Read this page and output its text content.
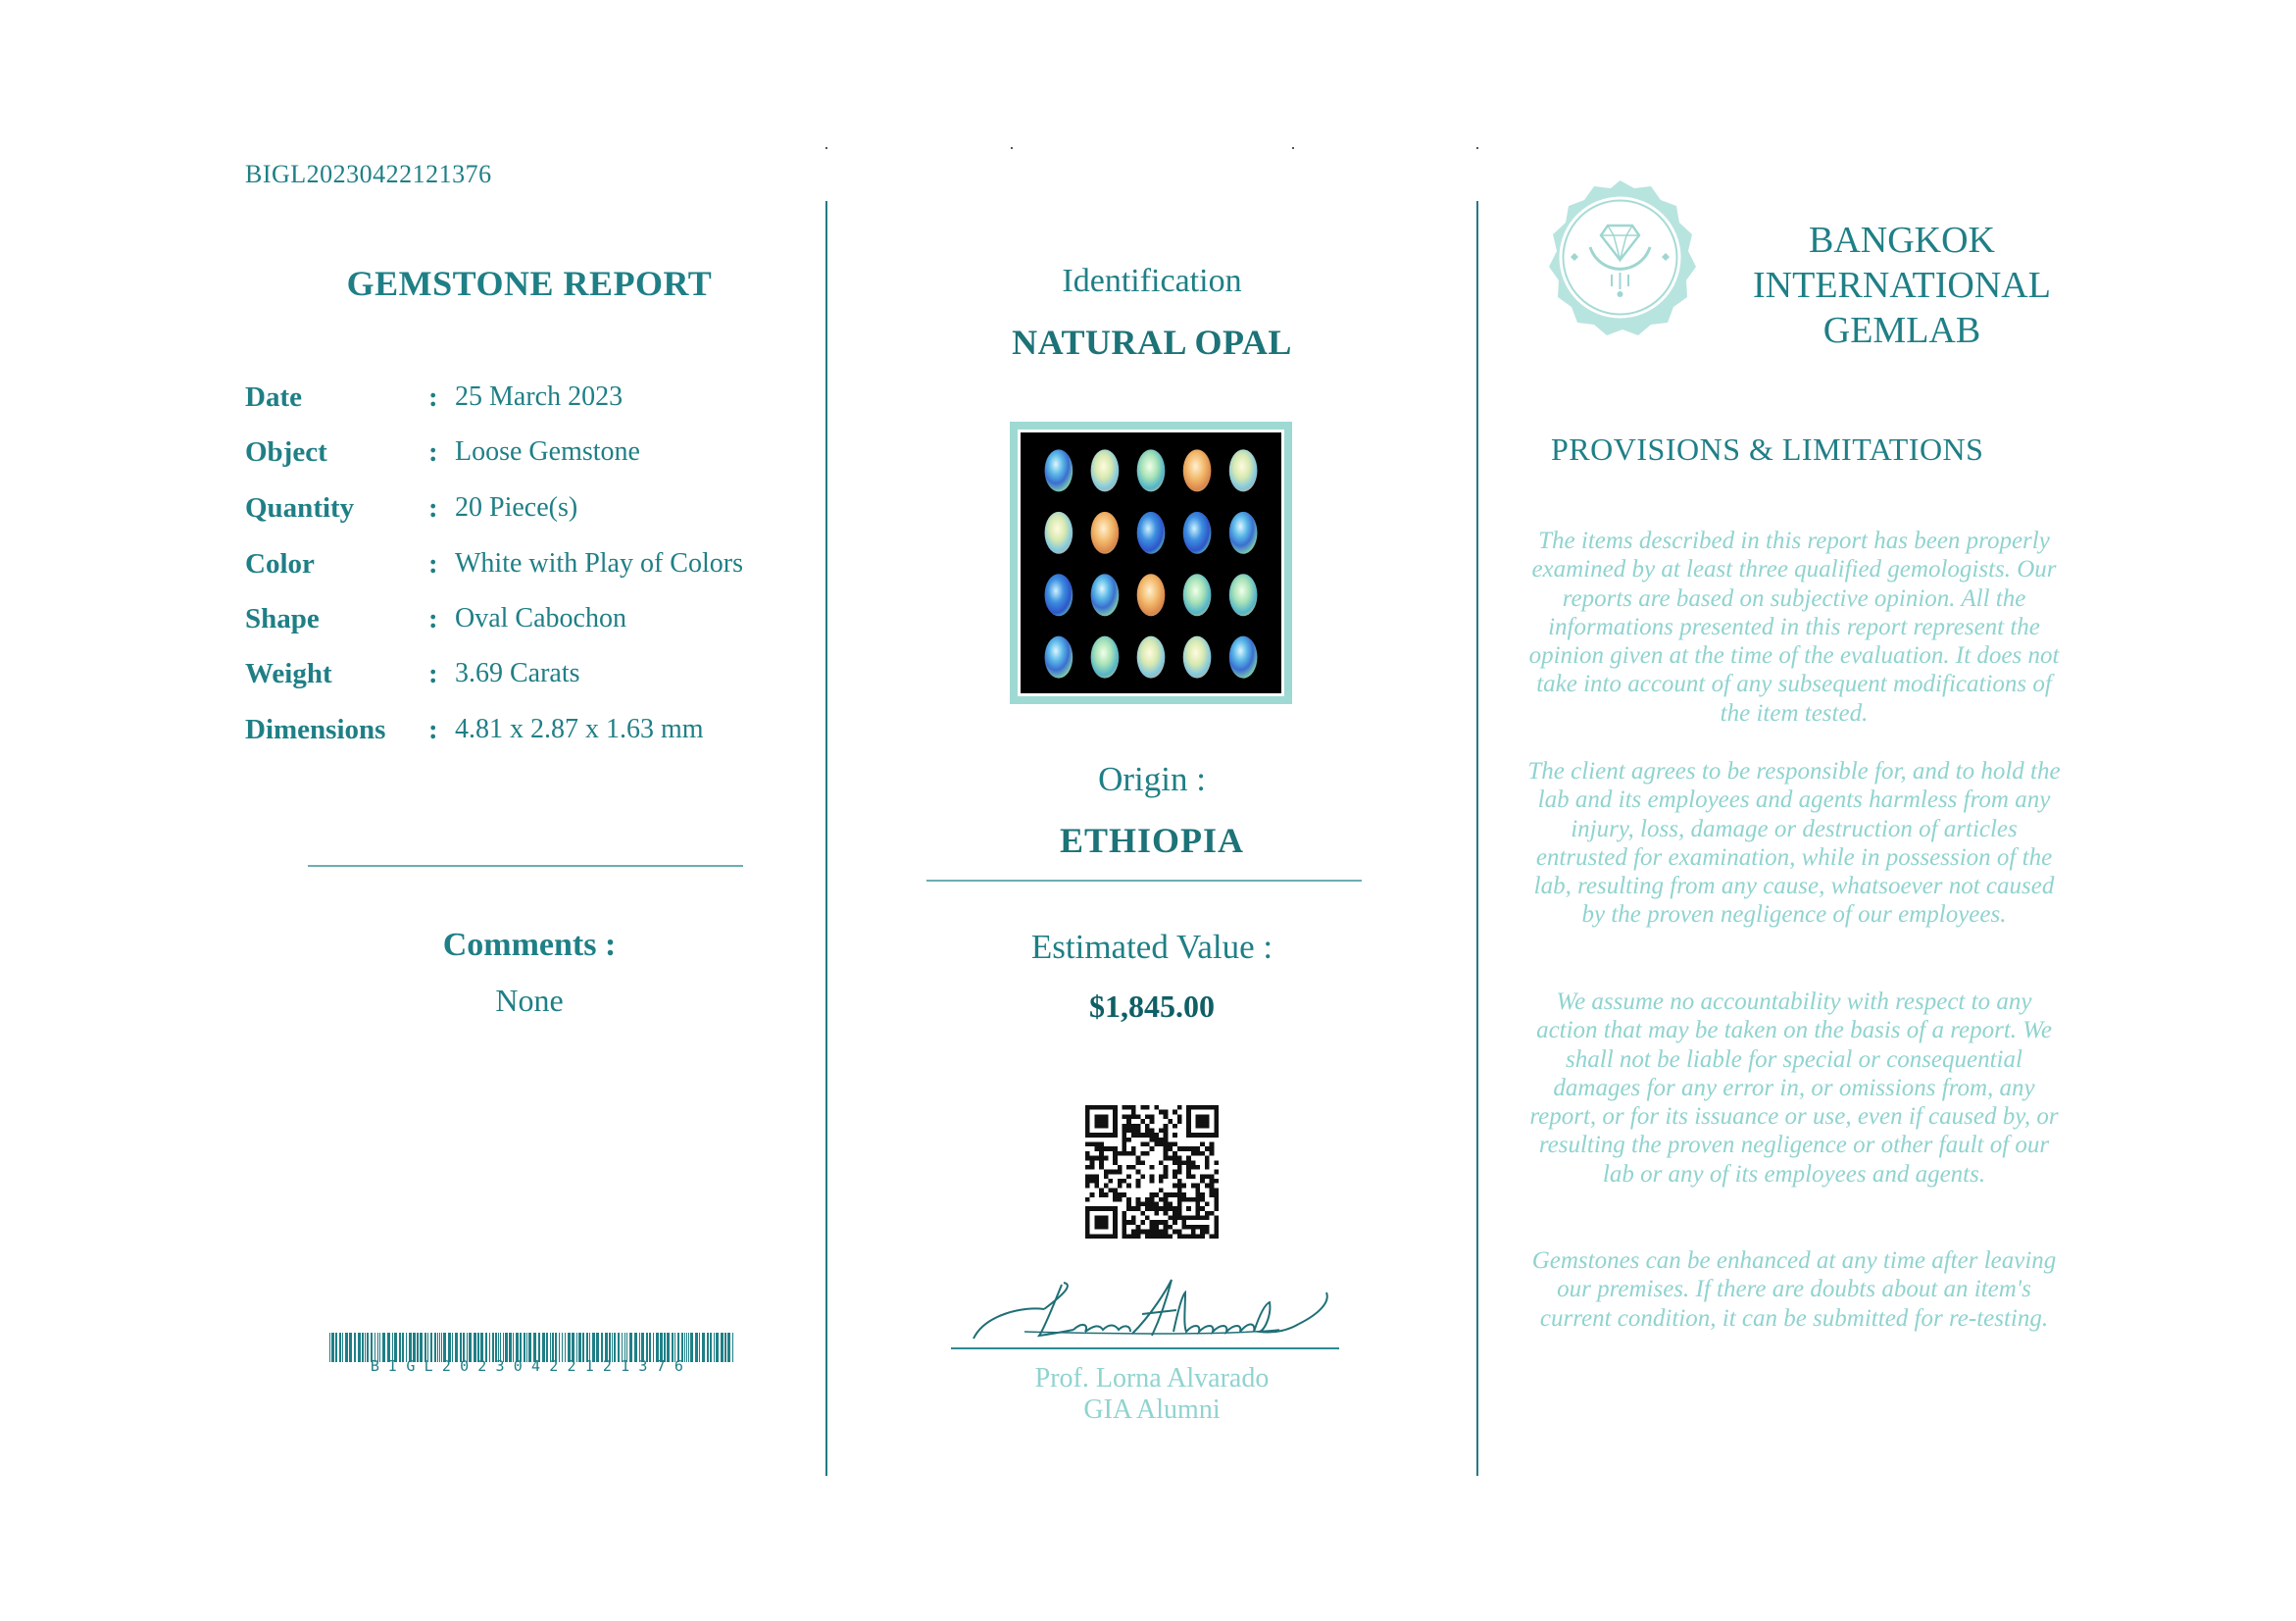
BIGL20230422121376
GEMSTONE REPORT
Date	: 25 March 2023
Object	: Loose Gemstone
Quantity	: 20 Piece(s)
Color	: White with Play of Colors
Shape	: Oval Cabochon
Weight	: 3.69 Carats
Dimensions : 4.81 x 2.87 x 1.63 mm
Comments :
None
BIGL20230422121376
Identification
NATURAL OPAL
Origin :
ETHIOPIA
Estimated Value :
$1,845.00
Prof. Lorna Alvarado
GIA Alumni
BANGKOK
INTERNATIONAL
GEMLAB
PROVISIONS & LIMITATIONS
The items described in this report has been properly examined by at least three qualified gemologists. Our reports are based on subjective opinion. All the informations presented in this report represent the opinion given at the time of the evaluation. It does not take into account of any subsequent modifications of the item tested.
The client agrees to be responsible for, and to hold the lab and its employees and agents harmless from any injury, loss, damage or destruction of articles entrusted for examination, while in possession of the lab, resulting from any cause, whatsoever not caused by the proven negligence of our employees.
We assume no accountability with respect to any action that may be taken on the basis of a report. We shall not be liable for special or consequential damages for any error in, or omissions from, any report, or for its issuance or use, even if caused by, or resulting the proven negligence or other fault of our lab or any of its employees and agents.
Gemstones can be enhanced at any time after leaving our premises. If there are doubts about an item's current condition, it can be submitted for re-testing.
